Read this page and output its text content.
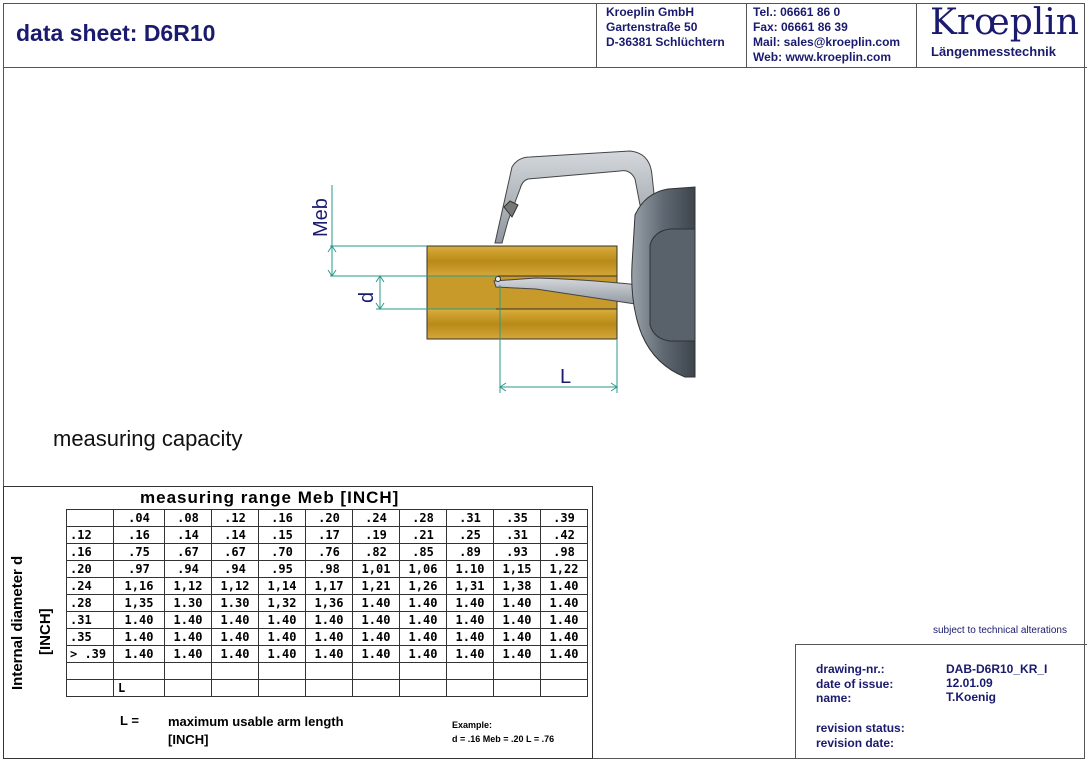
data sheet: D6R10
Kroeplin GmbH
Gartenstraße 50
D-36381 Schlüchtern
Tel.: 06661 86 0
Fax: 06661 86 39
Mail: sales@kroeplin.com
Web: www.kroeplin.com
Krœplin
Längenmesstechnik
Meb
d
L
measuring capacity
measuring range Meb [INCH]
Internal diameter d [INCH]
	.04	.08	.12	.16	.20	.24	.28	.31	.35	.39
.12	.16	.14	.14	.15	.17	.19	.21	.25	.31	.42
.16	.75	.67	.67	.70	.76	.82	.85	.89	.93	.98
.20	.97	.94	.94	.95	.98	1,01	1,06	1.10	1,15	1,22
.24	1,16	1,12	1,12	1,14	1,17	1,21	1,26	1,31	1,38	1.40
.28	1,35	1.30	1.30	1,32	1,36	1.40	1.40	1.40	1.40	1.40
.31	1.40	1.40	1.40	1.40	1.40	1.40	1.40	1.40	1.40	1.40
.35	1.40	1.40	1.40	1.40	1.40	1.40	1.40	1.40	1.40	1.40
> .39	1.40	1.40	1.40	1.40	1.40	1.40	1.40	1.40	1.40	1.40

	L									
L = maximum usable arm length
[INCH]
Example:
d = .16 Meb = .20 L = .76
subject to technical alterations
drawing-nr.:	DAB-D6R10_KR_I
date of issue:	12.01.09
name:	T.Koenig
revision status:
revision date:
